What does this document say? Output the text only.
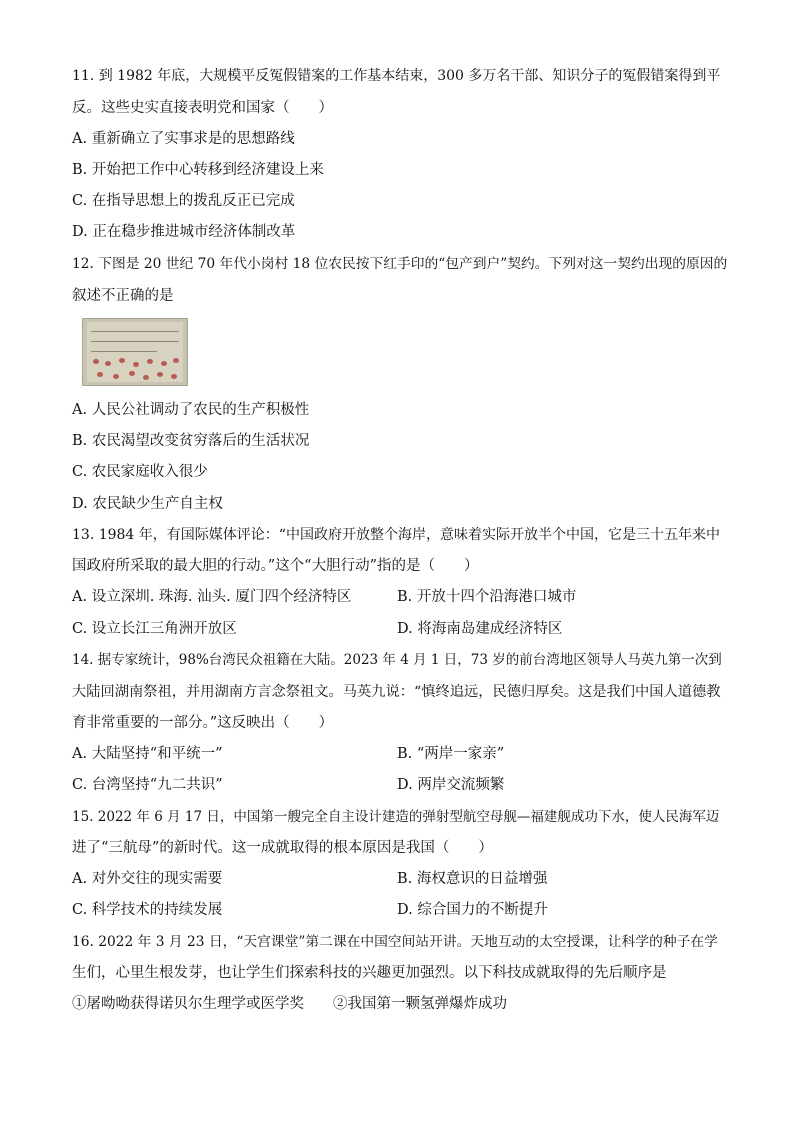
11. 到 1982 年底，大规模平反冤假错案的工作基本结束，300 多万名干部、知识分子的冤假错案得到平
反。这些史实直接表明党和国家（　　）
A. 重新确立了实事求是的思想路线
B. 开始把工作中心转移到经济建设上来
C. 在指导思想上的拨乱反正已完成
D. 正在稳步推进城市经济体制改革
12. 下图是 20 世纪 70 年代小岗村 18 位农民按下红手印的“包产到户”契约。下列对这一契约出现的原因的
叙述不正确的是
A. 人民公社调动了农民的生产积极性
B. 农民渴望改变贫穷落后的生活状况
C. 农民家庭收入很少
D. 农民缺少生产自主权
13. 1984 年，有国际媒体评论：“中国政府开放整个海岸，意味着实际开放半个中国，它是三十五年来中
国政府所采取的最大胆的行动。”这个“大胆行动”指的是（　　）
A. 设立深圳. 珠海. 汕头. 厦门四个经济特区	B. 开放十四个沿海港口城市
C. 设立长江三角洲开放区	D. 将海南岛建成经济特区
14. 据专家统计，98%台湾民众祖籍在大陆。2023 年 4 月 1 日，73 岁的前台湾地区领导人马英九第一次到
大陆回湖南祭祖，并用湖南方言念祭祖文。马英九说：“慎终追远，民德归厚矣。这是我们中国人道德教
育非常重要的一部分。”这反映出（　　）
A. 大陆坚持“和平统一”	B. “两岸一家亲”
C. 台湾坚持“九二共识”	D. 两岸交流频繁
15. 2022 年 6 月 17 日，中国第一艘完全自主设计建造的弹射型航空母舰—福建舰成功下水，使人民海军迈
进了“三航母”的新时代。这一成就取得的根本原因是我国（　　）
A. 对外交往的现实需要	B. 海权意识的日益增强
C. 科学技术的持续发展	D. 综合国力的不断提升
16. 2022 年 3 月 23 日，“天宫课堂”第二课在中国空间站开讲。天地互动的太空授课，让科学的种子在学
生们，心里生根发芽，也让学生们探索科技的兴趣更加强烈。以下科技成就取得的先后顺序是
①屠呦呦获得诺贝尔生理学或医学奖　　②我国第一颗氢弹爆炸成功
